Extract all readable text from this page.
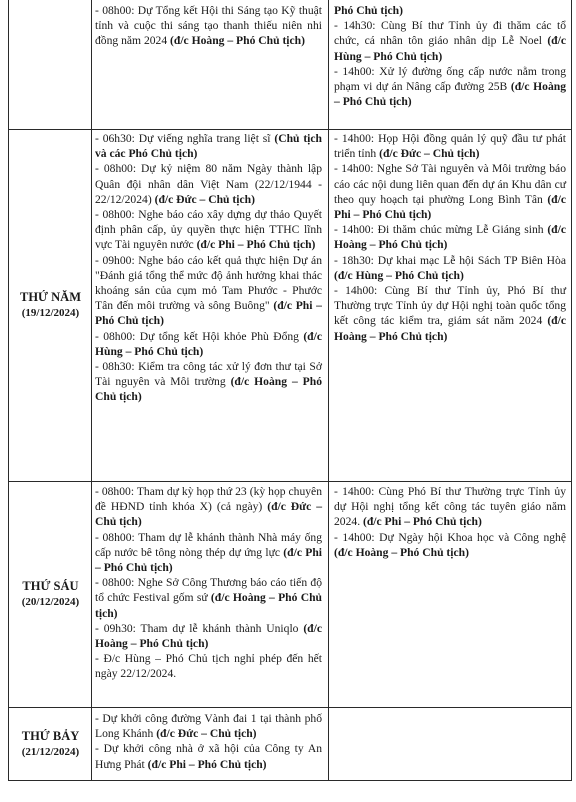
- 08h00: Dự Tổng kết Hội thi Sáng tạo Kỹ thuật tỉnh và cuộc thi sáng tạo thanh thiếu niên nhi đồng năm 2024 (đ/c Hoàng – Phó Chủ tịch)
Phó Chủ tịch)
- 14h30: Cùng Bí thư Tỉnh ủy đi thăm các tổ chức, cá nhân tôn giáo nhân dịp Lễ Noel (đ/c Hùng – Phó Chủ tịch)
- 14h00: Xử lý đường ống cấp nước nằm trong phạm vi dự án Nâng cấp đường 25B (đ/c Hoàng – Phó Chủ tịch)
THỨ NĂM
(19/12/2024)
- 06h30: Dự viếng nghĩa trang liệt sĩ (Chủ tịch và các Phó Chủ tịch)
- 08h00: Dự kỷ niệm 80 năm Ngày thành lập Quân đội nhân dân Việt Nam (22/12/1944 - 22/12/2024) (đ/c Đức – Chủ tịch)
- 08h00: Nghe báo cáo xây dựng dự thảo Quyết định phân cấp, ủy quyền thực hiện TTHC lĩnh vực Tài nguyên nước (đ/c Phi – Phó Chủ tịch)
- 09h00: Nghe báo cáo kết quả thực hiện Dự án "Đánh giá tổng thể mức độ ảnh hưởng khai thác khoáng sản của cụm mỏ Tam Phước - Phước Tân đến môi trường và sông Buông" (đ/c Phi – Phó Chủ tịch)
- 08h00: Dự tổng kết Hội khỏe Phù Đổng (đ/c Hùng – Phó Chủ tịch)
- 08h30: Kiểm tra công tác xử lý đơn thư tại Sở Tài nguyên và Môi trường (đ/c Hoàng – Phó Chủ tịch)
- 14h00: Họp Hội đồng quản lý quỹ đầu tư phát triển tỉnh (đ/c Đức – Chủ tịch)
- 14h00: Nghe Sở Tài nguyên và Môi trường báo cáo các nội dung liên quan đến dự án Khu dân cư theo quy hoạch tại phường Long Bình Tân (đ/c Phi – Phó Chủ tịch)
- 14h00: Đi thăm chúc mừng Lễ Giáng sinh (đ/c Hoàng – Phó Chủ tịch)
- 18h30: Dự khai mạc Lễ hội Sách TP Biên Hòa (đ/c Hùng – Phó Chủ tịch)
- 14h00: Cùng Bí thư Tỉnh ủy, Phó Bí thư Thường trực Tỉnh ủy dự Hội nghị toàn quốc tổng kết công tác kiểm tra, giám sát năm 2024 (đ/c Hoàng – Phó Chủ tịch)
THỨ SÁU
(20/12/2024)
- 08h00: Tham dự kỳ họp thứ 23 (kỳ họp chuyên đề HĐND tỉnh khóa X) (cả ngày) (đ/c Đức – Chủ tịch)
- 08h00: Tham dự lễ khánh thành Nhà máy ống cấp nước bê tông nòng thép dự ứng lực (đ/c Phi – Phó Chủ tịch)
- 08h00: Nghe Sở Công Thương báo cáo tiến độ tổ chức Festival gốm sứ (đ/c Hoàng – Phó Chủ tịch)
- 09h30: Tham dự lễ khánh thành Uniqlo (đ/c Hoàng – Phó Chủ tịch)
- Đ/c Hùng – Phó Chủ tịch nghỉ phép đến hết ngày 22/12/2024.
- 14h00: Cùng Phó Bí thư Thường trực Tỉnh ủy dự Hội nghị tổng kết công tác tuyên giáo năm 2024. (đ/c Phi – Phó Chủ tịch)
- 14h00: Dự Ngày hội Khoa học và Công nghệ (đ/c Hoàng – Phó Chủ tịch)
THỨ BẢY
(21/12/2024)
- Dự khởi công đường Vành đai 1 tại thành phố Long Khánh (đ/c Đức – Chủ tịch)
- Dự khởi công nhà ở xã hội của Công ty An Hưng Phát (đ/c Phi – Phó Chủ tịch)
